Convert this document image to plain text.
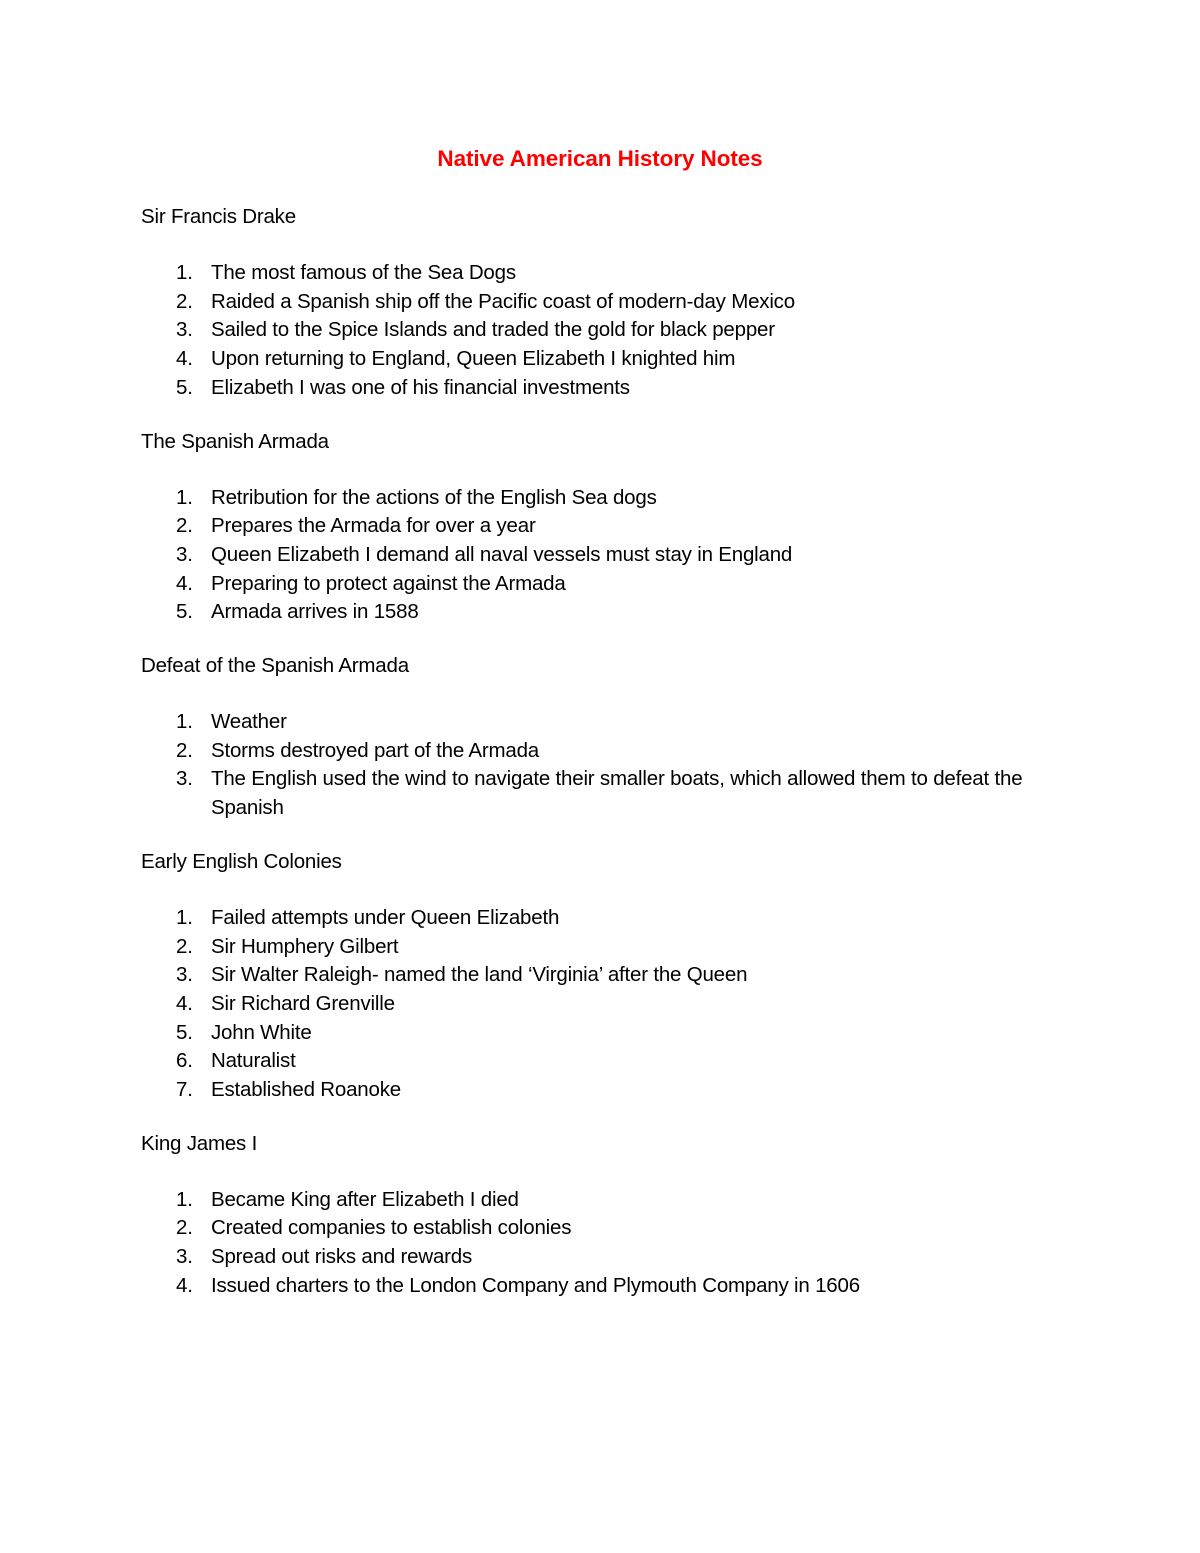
Native American History Notes
Sir Francis Drake
1. The most famous of the Sea Dogs
2. Raided a Spanish ship off the Pacific coast of modern-day Mexico
3. Sailed to the Spice Islands and traded the gold for black pepper
4. Upon returning to England, Queen Elizabeth I knighted him
5. Elizabeth I was one of his financial investments
The Spanish Armada
1. Retribution for the actions of the English Sea dogs
2. Prepares the Armada for over a year
3. Queen Elizabeth I demand all naval vessels must stay in England
4. Preparing to protect against the Armada
5. Armada arrives in 1588
Defeat of the Spanish Armada
1. Weather
2. Storms destroyed part of the Armada
3. The English used the wind to navigate their smaller boats, which allowed them to defeat the Spanish
Early English Colonies
1. Failed attempts under Queen Elizabeth
2. Sir Humphery Gilbert
3. Sir Walter Raleigh- named the land ‘Virginia’ after the Queen
4. Sir Richard Grenville
5. John White
6. Naturalist
7. Established Roanoke
King James I
1. Became King after Elizabeth I died
2. Created companies to establish colonies
3. Spread out risks and rewards
4. Issued charters to the London Company and Plymouth Company in 1606
